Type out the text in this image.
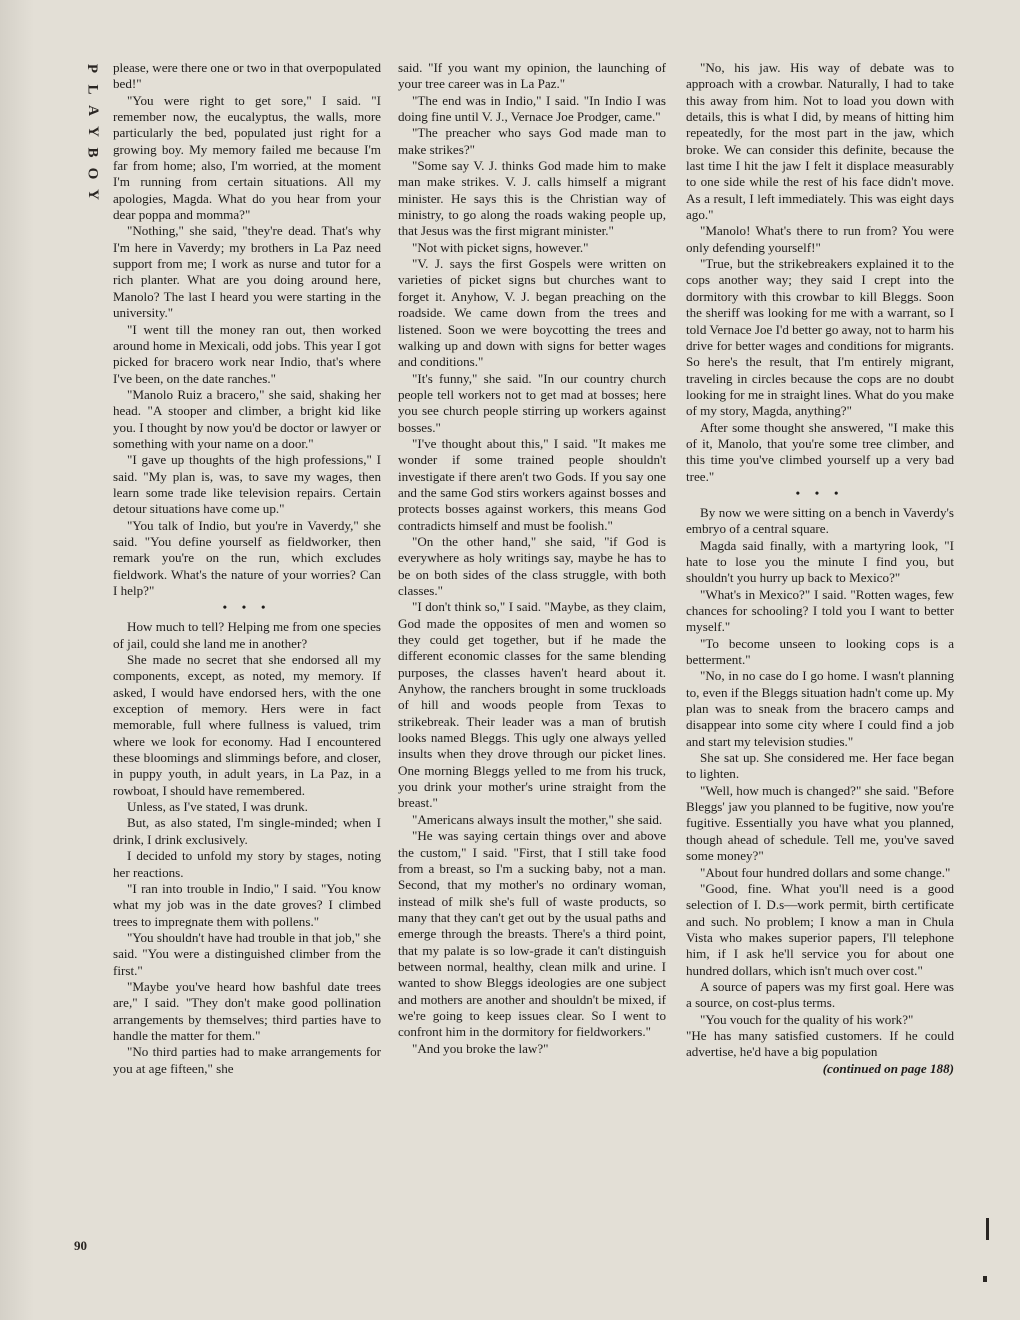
P
L
A
Y
B
O
Y

please, were there one or two in that overpopulated bed!"

"You were right to get sore," I said. "I remember now, the eucalyptus, the walls, more particularly the bed, populated just right for a growing boy. My memory failed me because I'm far from home; also, I'm worried, at the moment I'm running from certain situations. All my apologies, Magda. What do you hear from your dear poppa and momma?"

"Nothing," she said, "they're dead. That's why I'm here in Vaverdy; my brothers in La Paz need support from me; I work as nurse and tutor for a rich planter. What are you doing around here, Manolo? The last I heard you were starting in the university."

"I went till the money ran out, then worked around home in Mexicali, odd jobs. This year I got picked for bracero work near Indio, that's where I've been, on the date ranches."

"Manolo Ruiz a bracero," she said, shaking her head. "A stooper and climber, a bright kid like you. I thought by now you'd be doctor or lawyer or something with your name on a door."

"I gave up thoughts of the high professions," I said. "My plan is, was, to save my wages, then learn some trade like television repairs. Certain detour situations have come up."

"You talk of Indio, but you're in Vaverdy," she said. "You define yourself as fieldworker, then remark you're on the run, which excludes fieldwork. What's the nature of your worries? Can I help?"

• • •

How much to tell? Helping me from one species of jail, could she land me in another?

She made no secret that she endorsed all my components, except, as noted, my memory. If asked, I would have endorsed hers, with the one exception of memory. Hers were in fact memorable, full where fullness is valued, trim where we look for economy. Had I encountered these bloomings and slimmings before, and closer, in puppy youth, in adult years, in La Paz, in a rowboat, I should have remembered.

Unless, as I've stated, I was drunk.

But, as also stated, I'm single-minded; when I drink, I drink exclusively.

I decided to unfold my story by stages, noting her reactions.

"I ran into trouble in Indio," I said. "You know what my job was in the date groves? I climbed trees to impregnate them with pollens."

"You shouldn't have had trouble in that job," she said. "You were a distinguished climber from the first."

"Maybe you've heard how bashful date trees are," I said. "They don't make good pollination arrangements by themselves; third parties have to handle the matter for them."

"No third parties had to make arrangements for you at age fifteen," she

said. "If you want my opinion, the launching of your tree career was in La Paz."

"The end was in Indio," I said. "In Indio I was doing fine until V. J., Vernace Joe Prodger, came."

"The preacher who says God made man to make strikes?"

"Some say V. J. thinks God made him to make man make strikes. V. J. calls himself a migrant minister. He says this is the Christian way of ministry, to go along the roads waking people up, that Jesus was the first migrant minister."

"Not with picket signs, however."

"V. J. says the first Gospels were written on varieties of picket signs but churches want to forget it. Anyhow, V. J. began preaching on the roadside. We came down from the trees and listened. Soon we were boycotting the trees and walking up and down with signs for better wages and conditions."

"It's funny," she said. "In our country church people tell workers not to get mad at bosses; here you see church people stirring up workers against bosses."

"I've thought about this," I said. "It makes me wonder if some trained people shouldn't investigate if there aren't two Gods. If you say one and the same God stirs workers against bosses and protects bosses against workers, this means God contradicts himself and must be foolish."

"On the other hand," she said, "if God is everywhere as holy writings say, maybe he has to be on both sides of the class struggle, with both classes."

"I don't think so," I said. "Maybe, as they claim, God made the opposites of men and women so they could get together, but if he made the different economic classes for the same blending purposes, the classes haven't heard about it. Anyhow, the ranchers brought in some truckloads of hill and woods people from Texas to strikebreak. Their leader was a man of brutish looks named Bleggs. This ugly one always yelled insults when they drove through our picket lines. One morning Bleggs yelled to me from his truck, you drink your mother's urine straight from the breast."

"Americans always insult the mother," she said.

"He was saying certain things over and above the custom," I said. "First, that I still take food from a breast, so I'm a sucking baby, not a man. Second, that my mother's no ordinary woman, instead of milk she's full of waste products, so many that they can't get out by the usual paths and emerge through the breasts. There's a third point, that my palate is so low-grade it can't distinguish between normal, healthy, clean milk and urine. I wanted to show Bleggs ideologies are one subject and mothers are another and shouldn't be mixed, if we're going to keep issues clear. So I went to confront him in the dormitory for fieldworkers."

"And you broke the law?"

"No, his jaw. His way of debate was to approach with a crowbar. Naturally, I had to take this away from him. Not to load you down with details, this is what I did, by means of hitting him repeatedly, for the most part in the jaw, which broke. We can consider this definite, because the last time I hit the jaw I felt it displace measurably to one side while the rest of his face didn't move. As a result, I left immediately. This was eight days ago."

"Manolo! What's there to run from? You were only defending yourself!"

"True, but the strikebreakers explained it to the cops another way; they said I crept into the dormitory with this crowbar to kill Bleggs. Soon the sheriff was looking for me with a warrant, so I told Vernace Joe I'd better go away, not to harm his drive for better wages and conditions for migrants. So here's the result, that I'm entirely migrant, traveling in circles because the cops are no doubt looking for me in straight lines. What do you make of my story, Magda, anything?"

After some thought she answered, "I make this of it, Manolo, that you're some tree climber, and this time you've climbed yourself up a very bad tree."

• • •

By now we were sitting on a bench in Vaverdy's embryo of a central square.

Magda said finally, with a martyring look, "I hate to lose you the minute I find you, but shouldn't you hurry up back to Mexico?"

"What's in Mexico?" I said. "Rotten wages, few chances for schooling? I told you I want to better myself."

"To become unseen to looking cops is a betterment."

"No, in no case do I go home. I wasn't planning to, even if the Bleggs situation hadn't come up. My plan was to sneak from the bracero camps and disappear into some city where I could find a job and start my television studies."

She sat up. She considered me. Her face began to lighten.

"Well, how much is changed?" she said. "Before Bleggs' jaw you planned to be fugitive, now you're fugitive. Essentially you have what you planned, though ahead of schedule. Tell me, you've saved some money?"

"About four hundred dollars and some change."

"Good, fine. What you'll need is a good selection of I. D.s—work permit, birth certificate and such. No problem; I know a man in Chula Vista who makes superior papers, I'll telephone him, if I ask he'll service you for about one hundred dollars, which isn't much over cost."

A source of papers was my first goal. Here was a source, on cost-plus terms.

"You vouch for the quality of his work?"

"He has many satisfied customers. If he could advertise, he'd have a big population

(continued on page 188)

90
